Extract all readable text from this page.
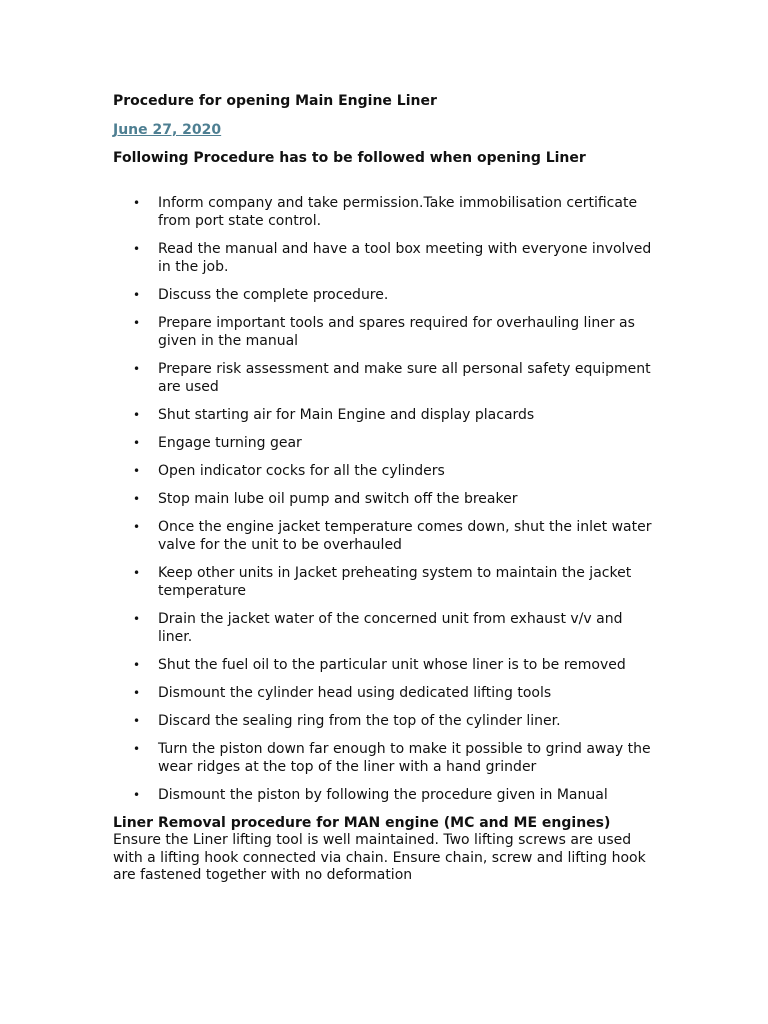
Procedure for opening Main Engine Liner

June 27, 2020

Following Procedure has to be followed when opening Liner

• Inform company and take permission.Take immobilisation certificate from port state control.
• Read the manual and have a tool box meeting with everyone involved in the job.
• Discuss the complete procedure.
• Prepare important tools and spares required for overhauling liner as given in the manual
• Prepare risk assessment and make sure all personal safety equipment are used
• Shut starting air for Main Engine and display placards
• Engage turning gear
• Open indicator cocks for all the cylinders
• Stop main lube oil pump and switch off the breaker
• Once the engine jacket temperature comes down, shut the inlet water valve for the unit to be overhauled
• Keep other units in Jacket preheating system to maintain the jacket temperature
• Drain the jacket water of the concerned unit from exhaust v/v and liner.
• Shut the fuel oil to the particular unit whose liner is to be removed
• Dismount the cylinder head using dedicated lifting tools
• Discard the sealing ring from the top of the cylinder liner.
• Turn the piston down far enough to make it possible to grind away the wear ridges at the top of the liner with a hand grinder
• Dismount the piston by following the procedure given in Manual

Liner Removal procedure for MAN engine (MC and ME engines)

Ensure the Liner lifting tool is well maintained. Two lifting screws are used with a lifting hook connected via chain. Ensure chain, screw and lifting hook are fastened together with no deformation
